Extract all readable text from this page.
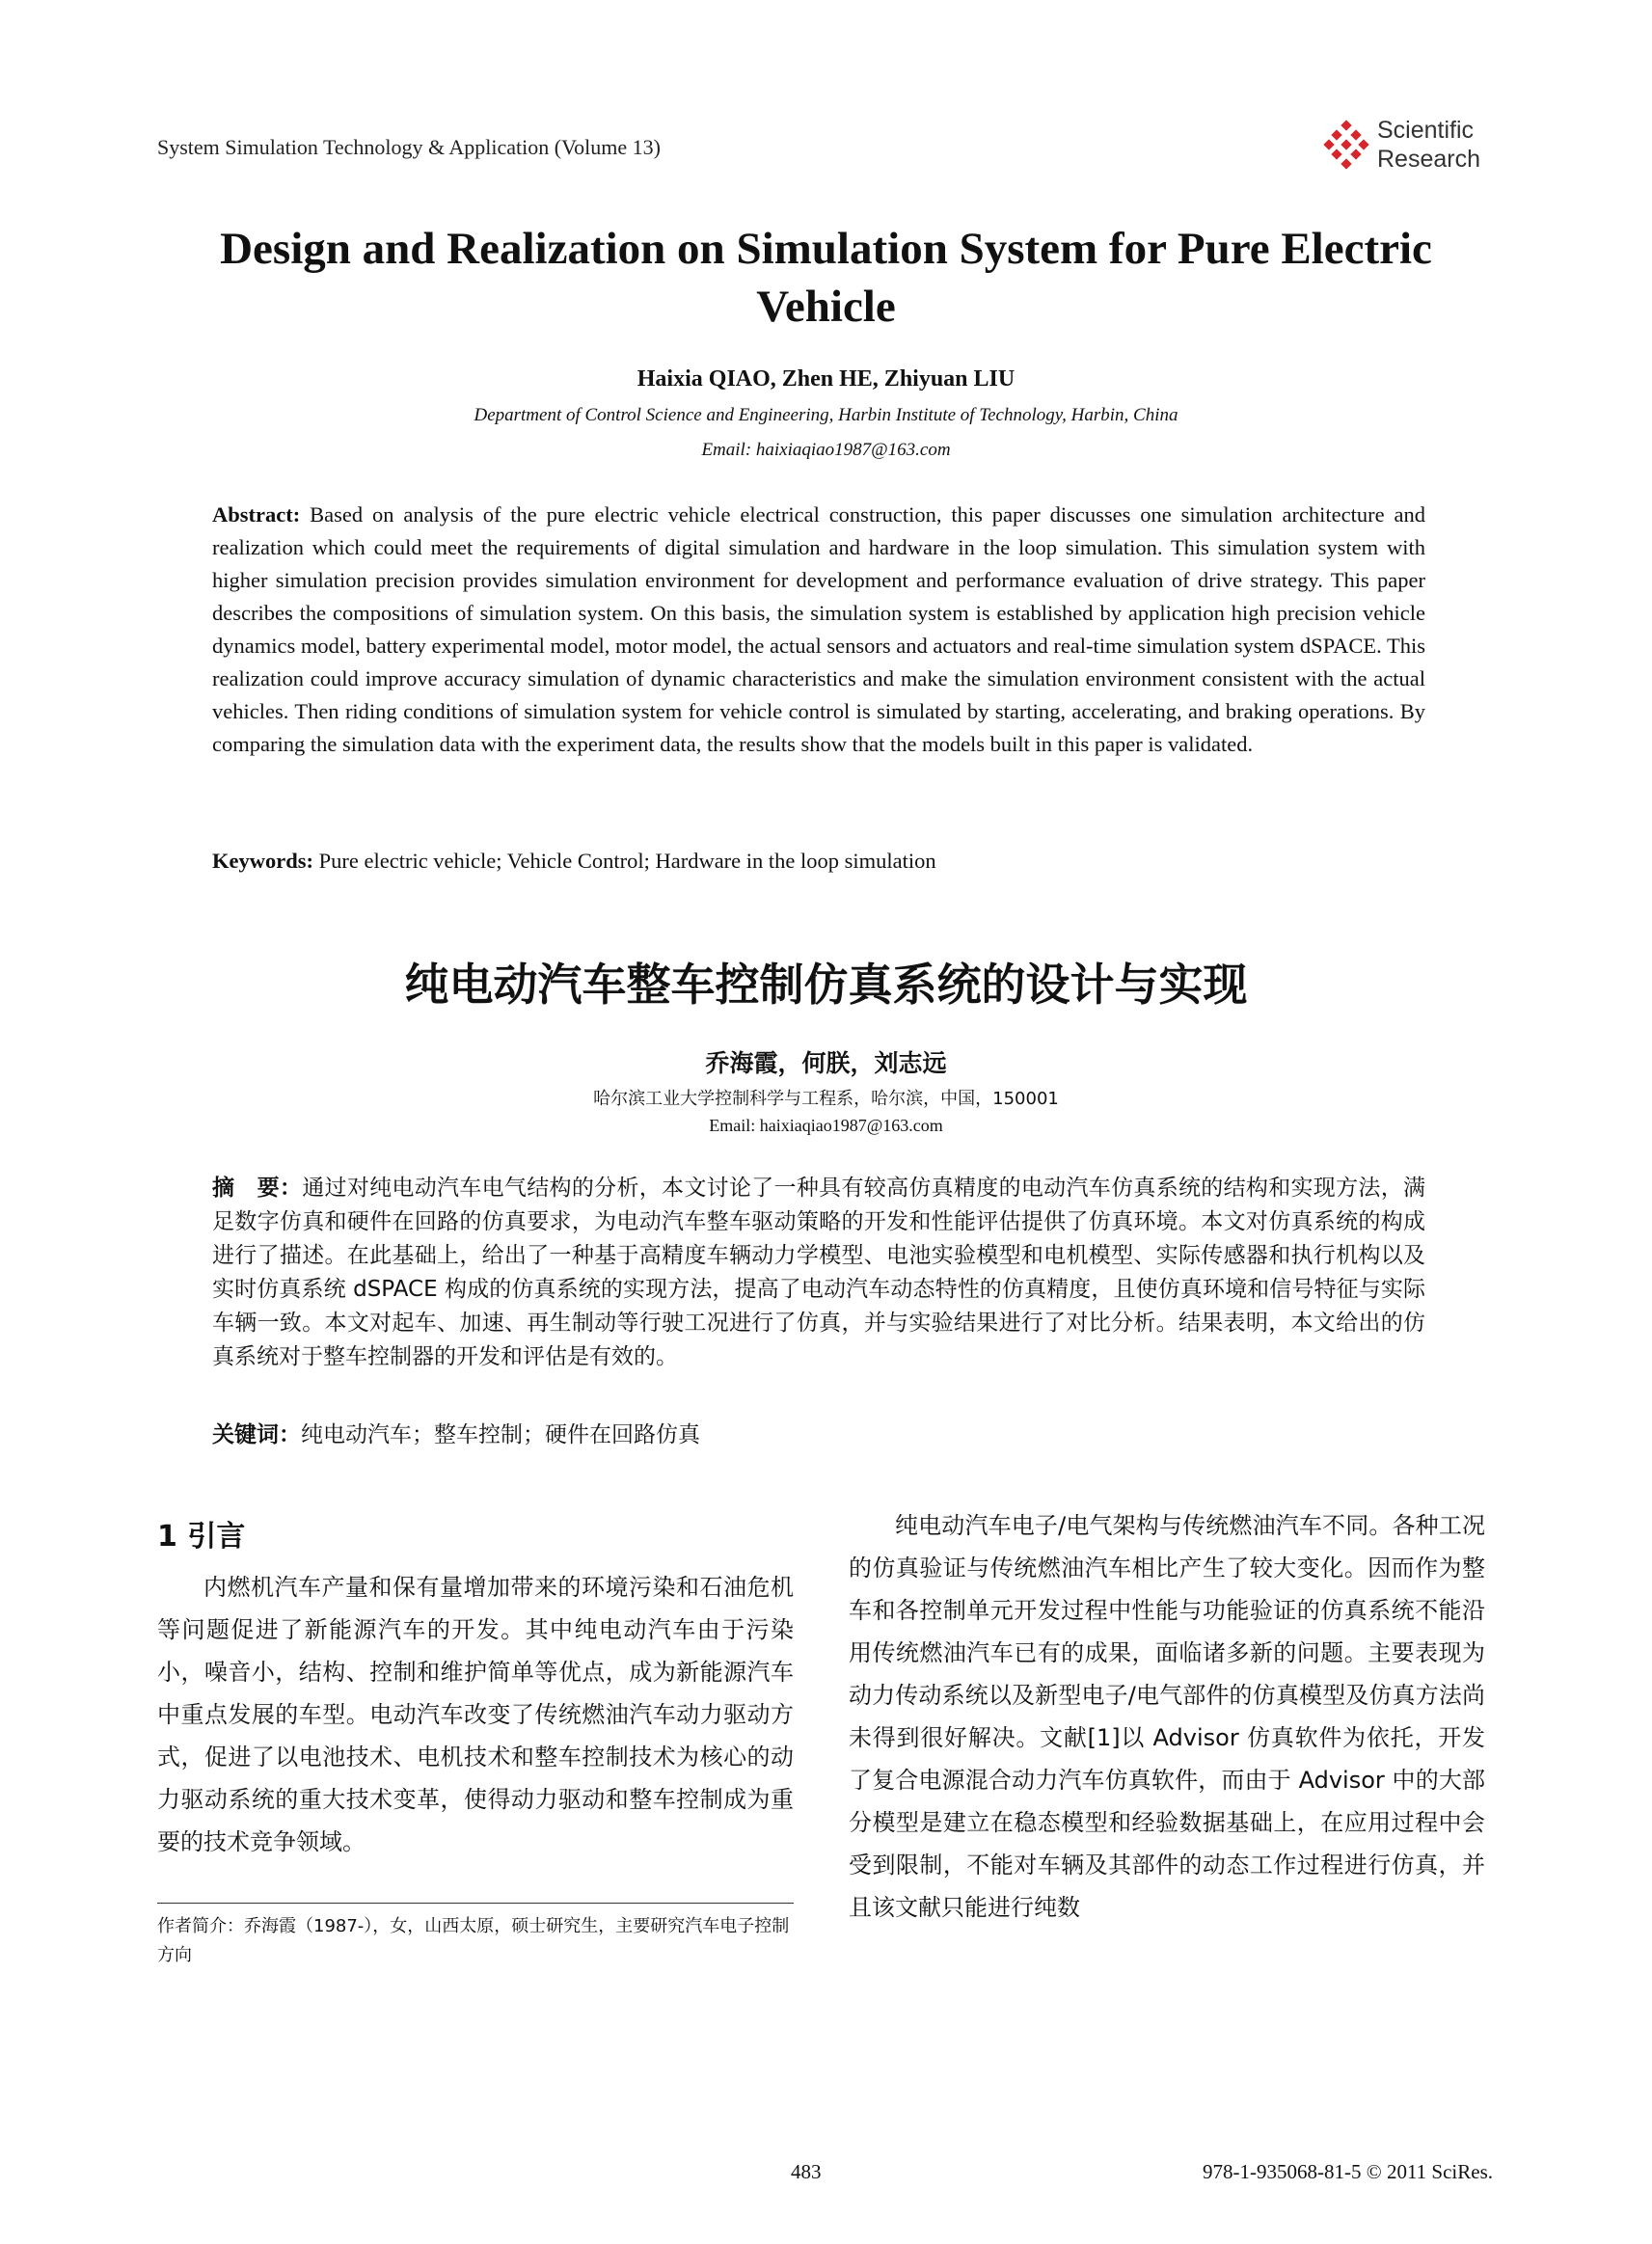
System Simulation Technology & Application (Volume 13)
Scientific
Research
Design and Realization on Simulation System for Pure Electric Vehicle
Haixia QIAO, Zhen HE, Zhiyuan LIU
Department of Control Science and Engineering, Harbin Institute of Technology, Harbin, China
Email: haixiaqiao1987@163.com
Abstract: Based on analysis of the pure electric vehicle electrical construction, this paper discusses one simulation architecture and realization which could meet the requirements of digital simulation and hardware in the loop simulation. This simulation system with higher simulation precision provides simulation environment for development and performance evaluation of drive strategy. This paper describes the compositions of simulation system. On this basis, the simulation system is established by application high precision vehicle dynamics model, battery experimental model, motor model, the actual sensors and actuators and real-time simulation system dSPACE. This realization could improve accuracy simulation of dynamic characteristics and make the simulation environment consistent with the actual vehicles. Then riding conditions of simulation system for vehicle control is simulated by starting, accelerating, and braking operations. By comparing the simulation data with the experiment data, the results show that the models built in this paper is validated.
Keywords: Pure electric vehicle; Vehicle Control; Hardware in the loop simulation
纯电动汽车整车控制仿真系统的设计与实现
乔海霞，何朕，刘志远
哈尔滨工业大学控制科学与工程系，哈尔滨，中国，150001
Email: haixiaqiao1987@163.com
摘　要：通过对纯电动汽车电气结构的分析，本文讨论了一种具有较高仿真精度的电动汽车仿真系统的结构和实现方法，满足数字仿真和硬件在回路的仿真要求，为电动汽车整车驱动策略的开发和性能评估提供了仿真环境。本文对仿真系统的构成进行了描述。在此基础上，给出了一种基于高精度车辆动力学模型、电池实验模型和电机模型、实际传感器和执行机构以及实时仿真系统 dSPACE 构成的仿真系统的实现方法，提高了电动汽车动态特性的仿真精度，且使仿真环境和信号特征与实际车辆一致。本文对起车、加速、再生制动等行驶工况进行了仿真，并与实验结果进行了对比分析。结果表明，本文给出的仿真系统对于整车控制器的开发和评估是有效的。
关键词：纯电动汽车；整车控制；硬件在回路仿真
1 引言

内燃机汽车产量和保有量增加带来的环境污染和石油危机等问题促进了新能源汽车的开发。其中纯电动汽车由于污染小，噪音小，结构、控制和维护简单等优点，成为新能源汽车中重点发展的车型。电动汽车改变了传统燃油汽车动力驱动方式，促进了以电池技术、电机技术和整车控制技术为核心的动力驱动系统的重大技术变革，使得动力驱动和整车控制成为重要的技术竞争领域。

纯电动汽车电子/电气架构与传统燃油汽车不同。各种工况的仿真验证与传统燃油汽车相比产生了较大变化。因而作为整车和各控制单元开发过程中性能与功能验证的仿真系统不能沿用传统燃油汽车已有的成果，面临诸多新的问题。主要表现为动力传动系统以及新型电子/电气部件的仿真模型及仿真方法尚未得到很好解决。文献[1]以 Advisor 仿真软件为依托，开发了复合电源混合动力汽车仿真软件，而由于 Advisor 中的大部分模型是建立在稳态模型和经验数据基础上，在应用过程中会受到限制，不能对车辆及其部件的动态工作过程进行仿真，并且该文献只能进行纯数

作者简介：乔海霞（1987-），女，山西太原，硕士研究生，主要研究汽车电子控制方向
483	978-1-935068-81-5 © 2011 SciRes.
